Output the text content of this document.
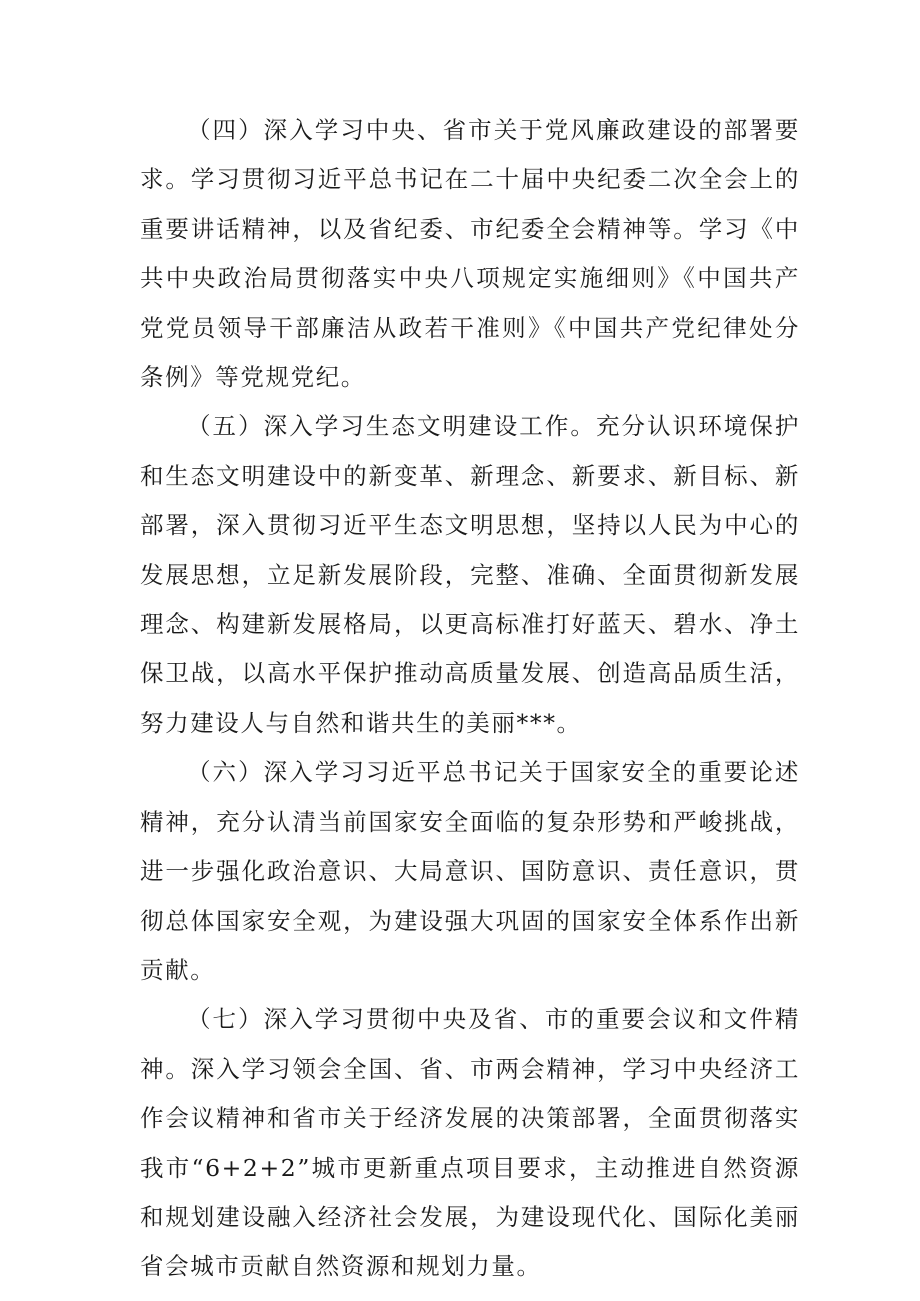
（四）深入学习中央、省市关于党风廉政建设的部署要求。学习贯彻习近平总书记在二十届中央纪委二次全会上的重要讲话精神，以及省纪委、市纪委全会精神等。学习《中共中央政治局贯彻落实中央八项规定实施细则》《中国共产党党员领导干部廉洁从政若干准则》《中国共产党纪律处分条例》等党规党纪。

（五）深入学习生态文明建设工作。充分认识环境保护和生态文明建设中的新变革、新理念、新要求、新目标、新部署，深入贯彻习近平生态文明思想，坚持以人民为中心的发展思想，立足新发展阶段，完整、准确、全面贯彻新发展理念、构建新发展格局，以更高标准打好蓝天、碧水、净土保卫战，以高水平保护推动高质量发展、创造高品质生活，努力建设人与自然和谐共生的美丽***。

（六）深入学习习近平总书记关于国家安全的重要论述精神，充分认清当前国家安全面临的复杂形势和严峻挑战，进一步强化政治意识、大局意识、国防意识、责任意识，贯彻总体国家安全观，为建设强大巩固的国家安全体系作出新贡献。

（七）深入学习贯彻中央及省、市的重要会议和文件精神。深入学习领会全国、省、市两会精神，学习中央经济工作会议精神和省市关于经济发展的决策部署，全面贯彻落实我市“6+2+2”城市更新重点项目要求，主动推进自然资源和规划建设融入经济社会发展，为建设现代化、国际化美丽省会城市贡献自然资源和规划力量。
